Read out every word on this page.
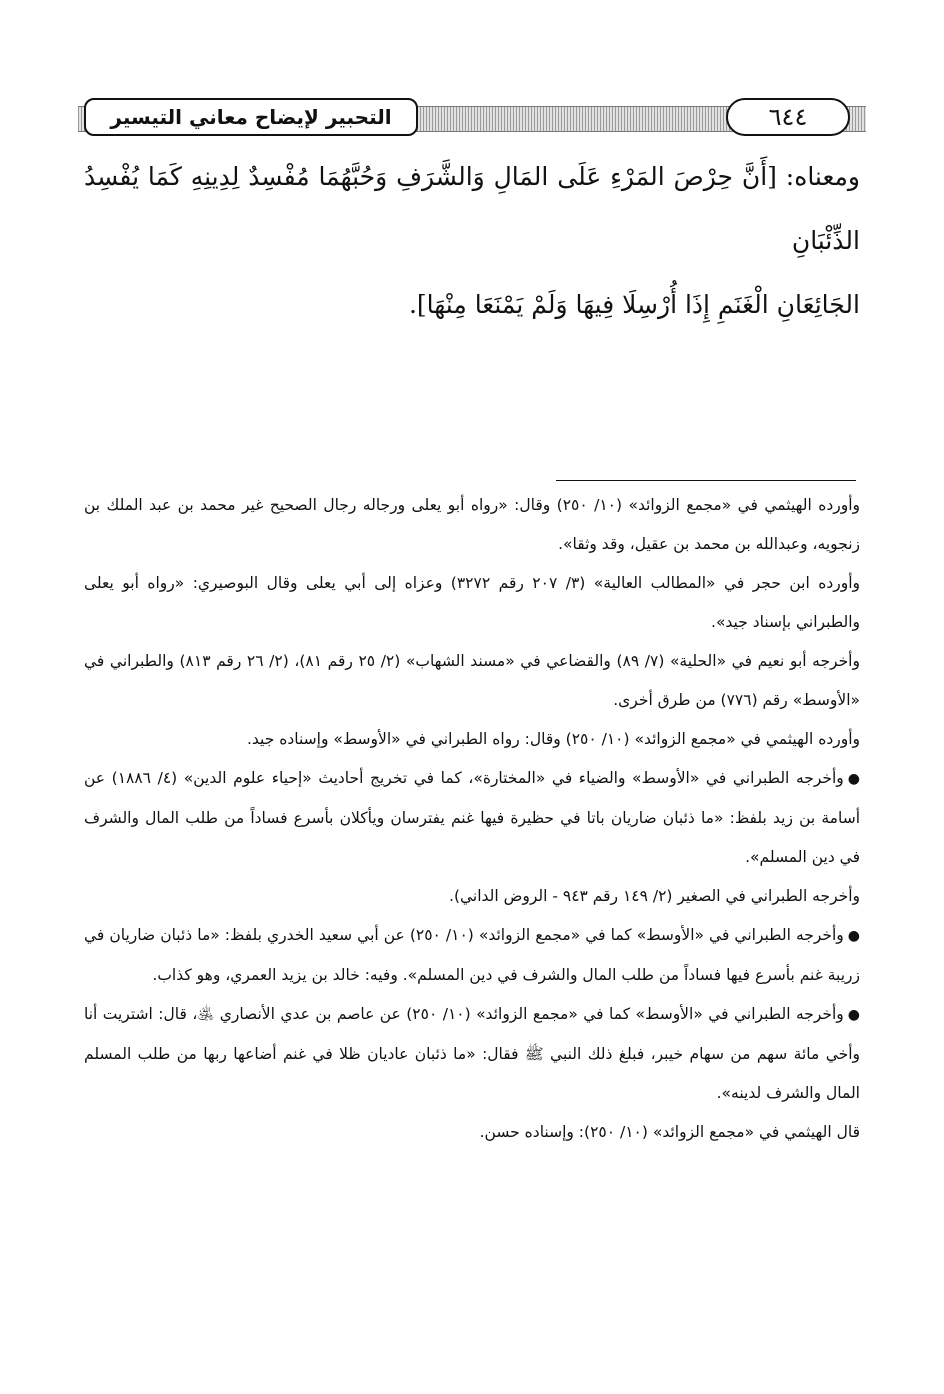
التحبير لإيضاح معاني التيسير	٦٤٤

ومعناه: [أَنَّ حِرْصَ المَرْءِ عَلَى المَالِ وَالشَّرَفِ وَحُبَّهُمَا مُفْسِدٌ لِدِينِهِ كَمَا يُفْسِدُ الذِّئْبَانِ

الجَائِعَانِ الْغَنَمِ إِذَا أُرْسِلَا فِيهَا وَلَمْ يَمْنَعَا مِنْهَا].

وأورده الهيثمي في «مجمع الزوائد» (١٠/ ٢٥٠) وقال: «رواه أبو يعلى ورجاله رجال الصحيح غير محمد بن عبد الملك بن زنجويه، وعبدالله بن محمد بن عقيل، وقد وثقا».

وأورده ابن حجر في «المطالب العالية» (٣/ ٢٠٧ رقم ٣٢٧٢) وعزاه إلى أبي يعلى وقال البوصيري: «رواه أبو يعلى والطبراني بإسناد جيد».

وأخرجه أبو نعيم في «الحلية» (٧/ ٨٩) والقضاعي في «مسند الشهاب» (٢/ ٢٥ رقم ٨١)، (٢/ ٢٦ رقم ٨١٣) والطبراني في «الأوسط» رقم (٧٧٦) من طرق أخرى.

وأورده الهيثمي في «مجمع الزوائد» (١٠/ ٢٥٠) وقال: رواه الطبراني في «الأوسط» وإسناده جيد.

●وأخرجه الطبراني في «الأوسط» والضياء في «المختارة»، كما في تخريج أحاديث «إحياء علوم الدين» (٤/ ١٨٨٦) عن أسامة بن زيد بلفظ: «ما ذئبان ضاريان باتا في حظيرة فيها غنم يفترسان ويأكلان بأسرع فساداً من طلب المال والشرف في دين المسلم».

وأخرجه الطبراني في الصغير (٢/ ١٤٩ رقم ٩٤٣ - الروض الداني).

●وأخرجه الطبراني في «الأوسط» كما في «مجمع الزوائد» (١٠/ ٢٥٠) عن أبي سعيد الخدري بلفظ: «ما ذئبان ضاريان في زريبة غنم بأسرع فيها فساداً من طلب المال والشرف في دين المسلم». وفيه: خالد بن يزيد العمري، وهو كذاب.

●وأخرجه الطبراني في «الأوسط» كما في «مجمع الزوائد» (١٠/ ٢٥٠) عن عاصم بن عدي الأنصاري ﵁، قال: اشتريت أنا وأخي مائة سهم من سهام خيبر، فبلغ ذلك النبي ﷺ فقال: «ما ذئبان عاديان ظلا في غنم أضاعها ربها من طلب المسلم المال والشرف لدينه».

قال الهيثمي في «مجمع الزوائد» (١٠/ ٢٥٠): وإسناده حسن.
